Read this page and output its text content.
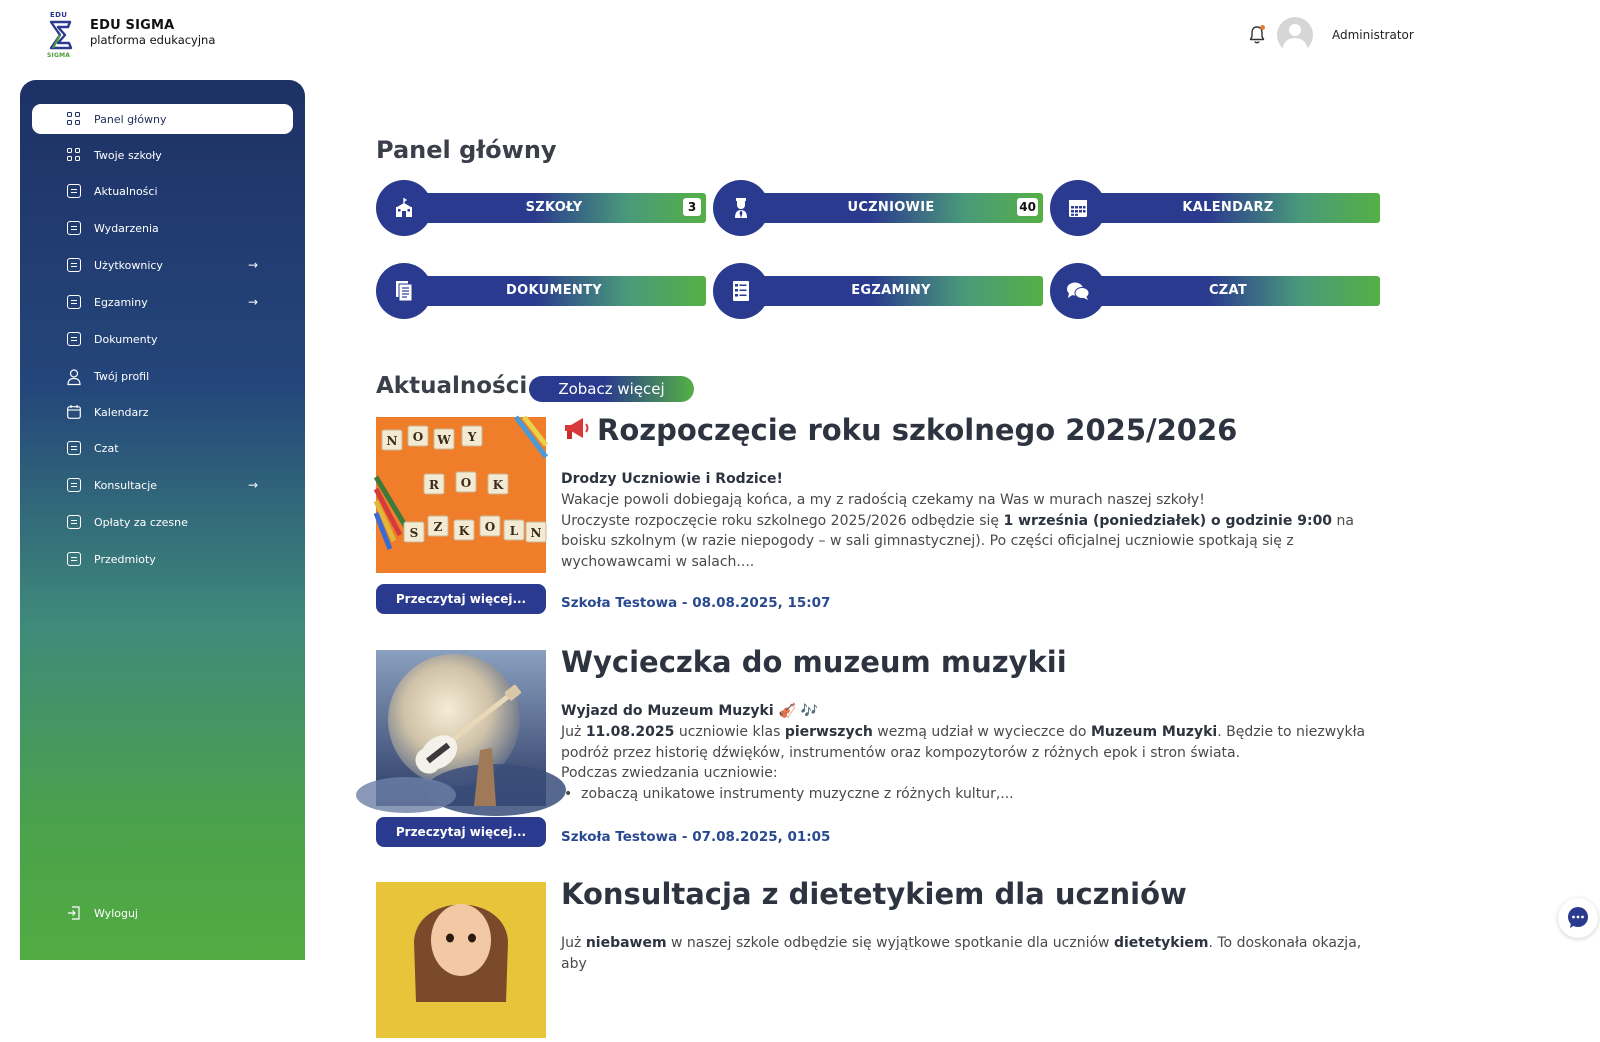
EDU
SIGMA
EDU SIGMA
platforma edukacyjna	Administrator
Panel główny
Twoje szkoły
Aktualności
Wydarzenia
Użytkownicy	→
Egzaminy	→
Dokumenty
Twój profil
Kalendarz
Czat
Konsultacje	→
Opłaty za czesne
Przedmioty
Wyloguj
Panel główny
SZKOŁY	3	UCZNIOWIE	40	KALENDARZ
DOKUMENTY	EGZAMINY	CZAT
Aktualności	Zobacz więcej
N O W Y
R O K
S Z K O L N
Przeczytaj więcej...
Rozpoczęcie roku szkolnego 2025/2026
Drodzy Uczniowie i Rodzice!
Wakacje powoli dobiegają końca, a my z radością czekamy na Was w murach naszej szkoły!
Uroczyste rozpoczęcie roku szkolnego 2025/2026 odbędzie się 1 września (poniedziałek) o godzinie 9:00 na boisku szkolnym (w razie niepogody – w sali gimnastycznej). Po części oficjalnej uczniowie spotkają się z wychowawcami w salach....
Szkoła Testowa - 08.08.2025, 15:07
Przeczytaj więcej...
Wycieczka do muzeum muzykii
Wyjazd do Muzeum Muzyki 🎻 🎶
Już 11.08.2025 uczniowie klas pierwszych wezmą udział w wycieczce do Muzeum Muzyki. Będzie to niezwykła podróż przez historię dźwięków, instrumentów oraz kompozytorów z różnych epok i stron świata.
Podczas zwiedzania uczniowie:
•  zobaczą unikatowe instrumenty muzyczne z różnych kultur,...
Szkoła Testowa - 07.08.2025, 01:05
Konsultacja z dietetykiem dla uczniów
Już niebawem w naszej szkole odbędzie się wyjątkowe spotkanie dla uczniów dietetykiem. To doskonała okazja, aby
